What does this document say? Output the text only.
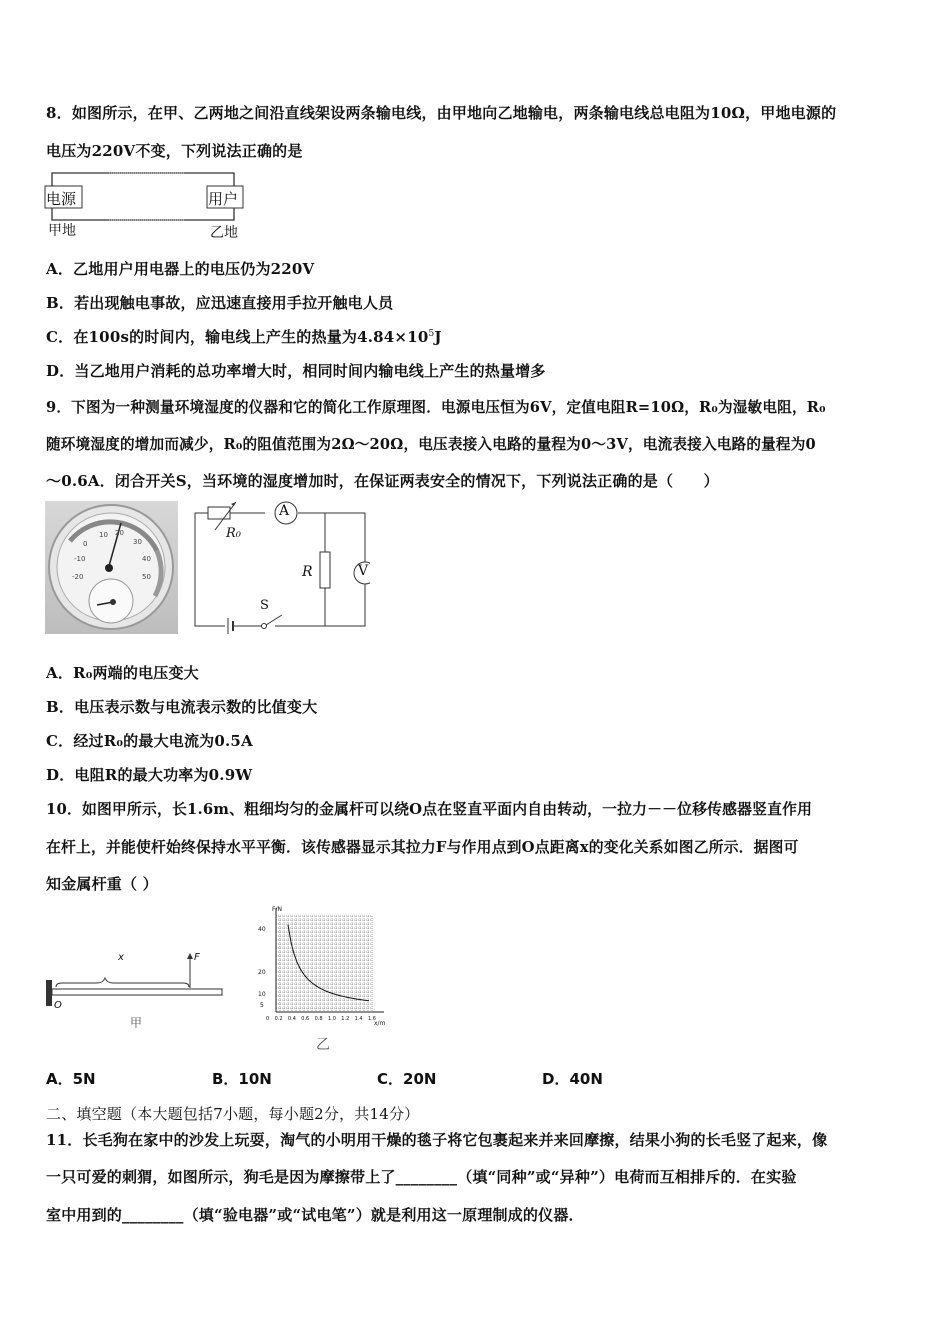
8．如图所示，在甲、乙两地之间沿直线架设两条输电线，由甲地向乙地输电，两条输电线总电阻为10Ω，甲地电源的
电压为220V不变，下列说法正确的是
电源	用户
甲地	乙地
A．乙地用户用电器上的电压仍为220V
B．若出现触电事故，应迅速直接用手拉开触电人员
C．在100s的时间内，输电线上产生的热量为$4.84\times 10^5J$
D．当乙地用户消耗的总功率增大时，相同时间内输电线上产生的热量增多
9．下图为一种测量环境湿度的仪器和它的简化工作原理图．电源电压恒为6V，定值电阻R=10Ω，R₀为湿敏电阻，R₀
随环境湿度的增加而减少，R₀的阻值范围为2Ω～20Ω，电压表接入电路的量程为0～3V，电流表接入电路的量程为0
～0.6A．闭合开关S，当环境的湿度增加时，在保证两表安全的情况下，下列说法正确的是（　　）
-20
-10
0
10 20
30
40
50
A
V
R₀
R
S
A．R₀两端的电压变大
B．电压表示数与电流表示数的比值变大
C．经过R₀的最大电流为0.5A
D．电阻R的最大功率为0.9W
10．如图甲所示，长1.6m、粗细均匀的金属杆可以绕O点在竖直平面内自由转动，一拉力－－位移传感器竖直作用
在杆上，并能使杆始终保持水平平衡．该传感器显示其拉力F与作用点到O点距离x的变化关系如图乙所示．据图可
知金属杆重（ ）
x	F
O
甲
F/N
x/m
40
20
10
5
0 0.2 0.4 0.6 0.8 1.0 1.2 1.4 1.6
乙
A．5N	B．10N	C．20N	D．40N
二、填空题（本大题包括7小题，每小题2分，共14分）
11．长毛狗在家中的沙发上玩耍，淘气的小明用干燥的毯子将它包裹起来并来回摩擦，结果小狗的长毛竖了起来，像
一只可爱的刺猬，如图所示，狗毛是因为摩擦带上了________（填“同种”或“异种”）电荷而互相排斥的．在实验
室中用到的________（填“验电器”或“试电笔”）就是利用这一原理制成的仪器．
